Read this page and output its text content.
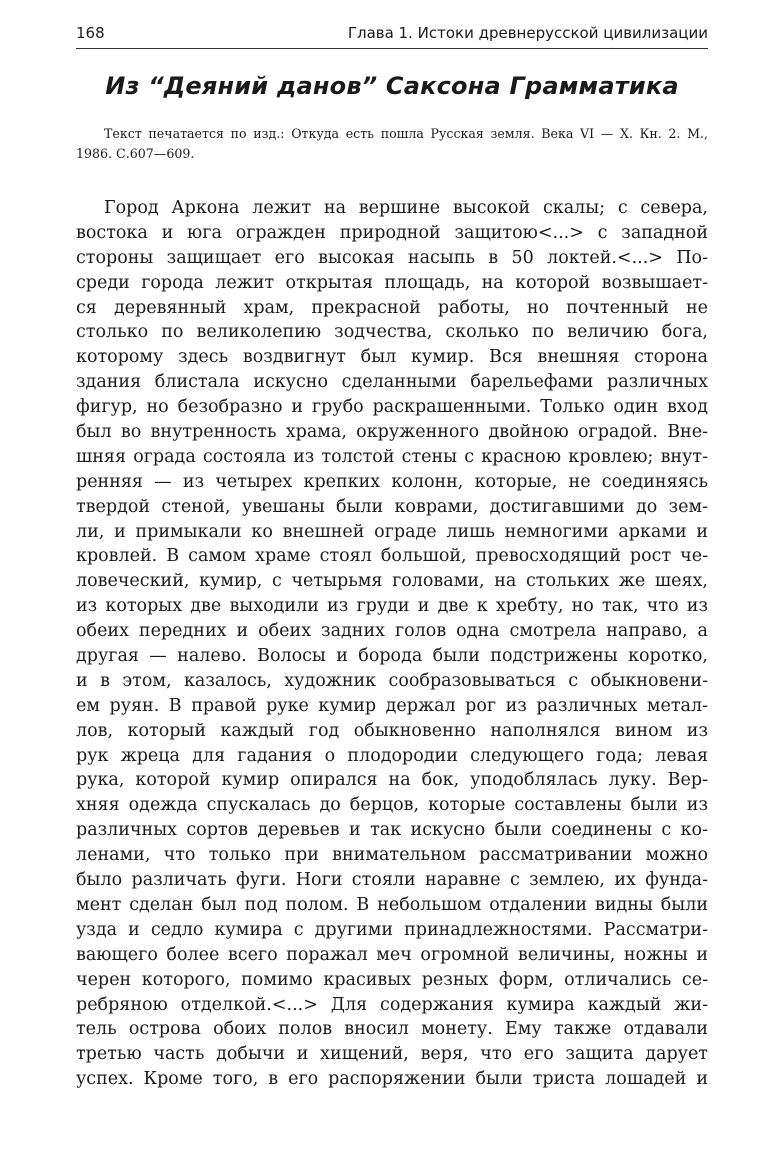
168	Глава 1. Истоки древнерусской цивилизации
Из “Деяний данов” Саксона Грамматика
Текст печатается по изд.: Откуда есть пошла Русская земля. Века VI — X. Кн. 2. М., 1986. С.607—609.
Город Аркона лежит на вершине высокой скалы; с севера,
востока и юга огражден природной защитою<...> с западной
стороны защищает его высокая насыпь в 50 локтей.<...> По-
среди города лежит открытая площадь, на которой возвышает-
ся деревянный храм, прекрасной работы, но почтенный не
столько по великолепию зодчества, сколько по величию бога,
которому здесь воздвигнут был кумир. Вся внешняя сторона
здания блистала искусно сделанными барельефами различных
фигур, но безобразно и грубо раскрашенными. Только один вход
был во внутренность храма, окруженного двойною оградой. Вне-
шняя ограда состояла из толстой стены с красною кровлею; внут-
ренняя — из четырех крепких колонн, которые, не соединяясь
твердой стеной, увешаны были коврами, достигавшими до зем-
ли, и примыкали ко внешней ограде лишь немногими арками и
кровлей. В самом храме стоял большой, превосходящий рост че-
ловеческий, кумир, с четырьмя головами, на стольких же шеях,
из которых две выходили из груди и две к хребту, но так, что из
обеих передних и обеих задних голов одна смотрела направо, а
другая — налево. Волосы и борода были подстрижены коротко,
и в этом, казалось, художник сообразовываться с обыкновени-
ем руян. В правой руке кумир держал рог из различных метал-
лов, который каждый год обыкновенно наполнялся вином из
рук жреца для гадания о плодородии следующего года; левая
рука, которой кумир опирался на бок, уподоблялась луку. Вер-
хняя одежда спускалась до берцов, которые составлены были из
различных сортов деревьев и так искусно были соединены с ко-
ленами, что только при внимательном рассматривании можно
было различать фуги. Ноги стояли наравне с землею, их фунда-
мент сделан был под полом. В небольшом отдалении видны были
узда и седло кумира с другими принадлежностями. Рассматри-
вающего более всего поражал меч огромной величины, ножны и
черен которого, помимо красивых резных форм, отличались се-
ребряною отделкой.<...> Для содержания кумира каждый жи-
тель острова обоих полов вносил монету. Ему также отдавали
третью часть добычи и хищений, веря, что его защита дарует
успех. Кроме того, в его распоряжении были триста лошадей и
